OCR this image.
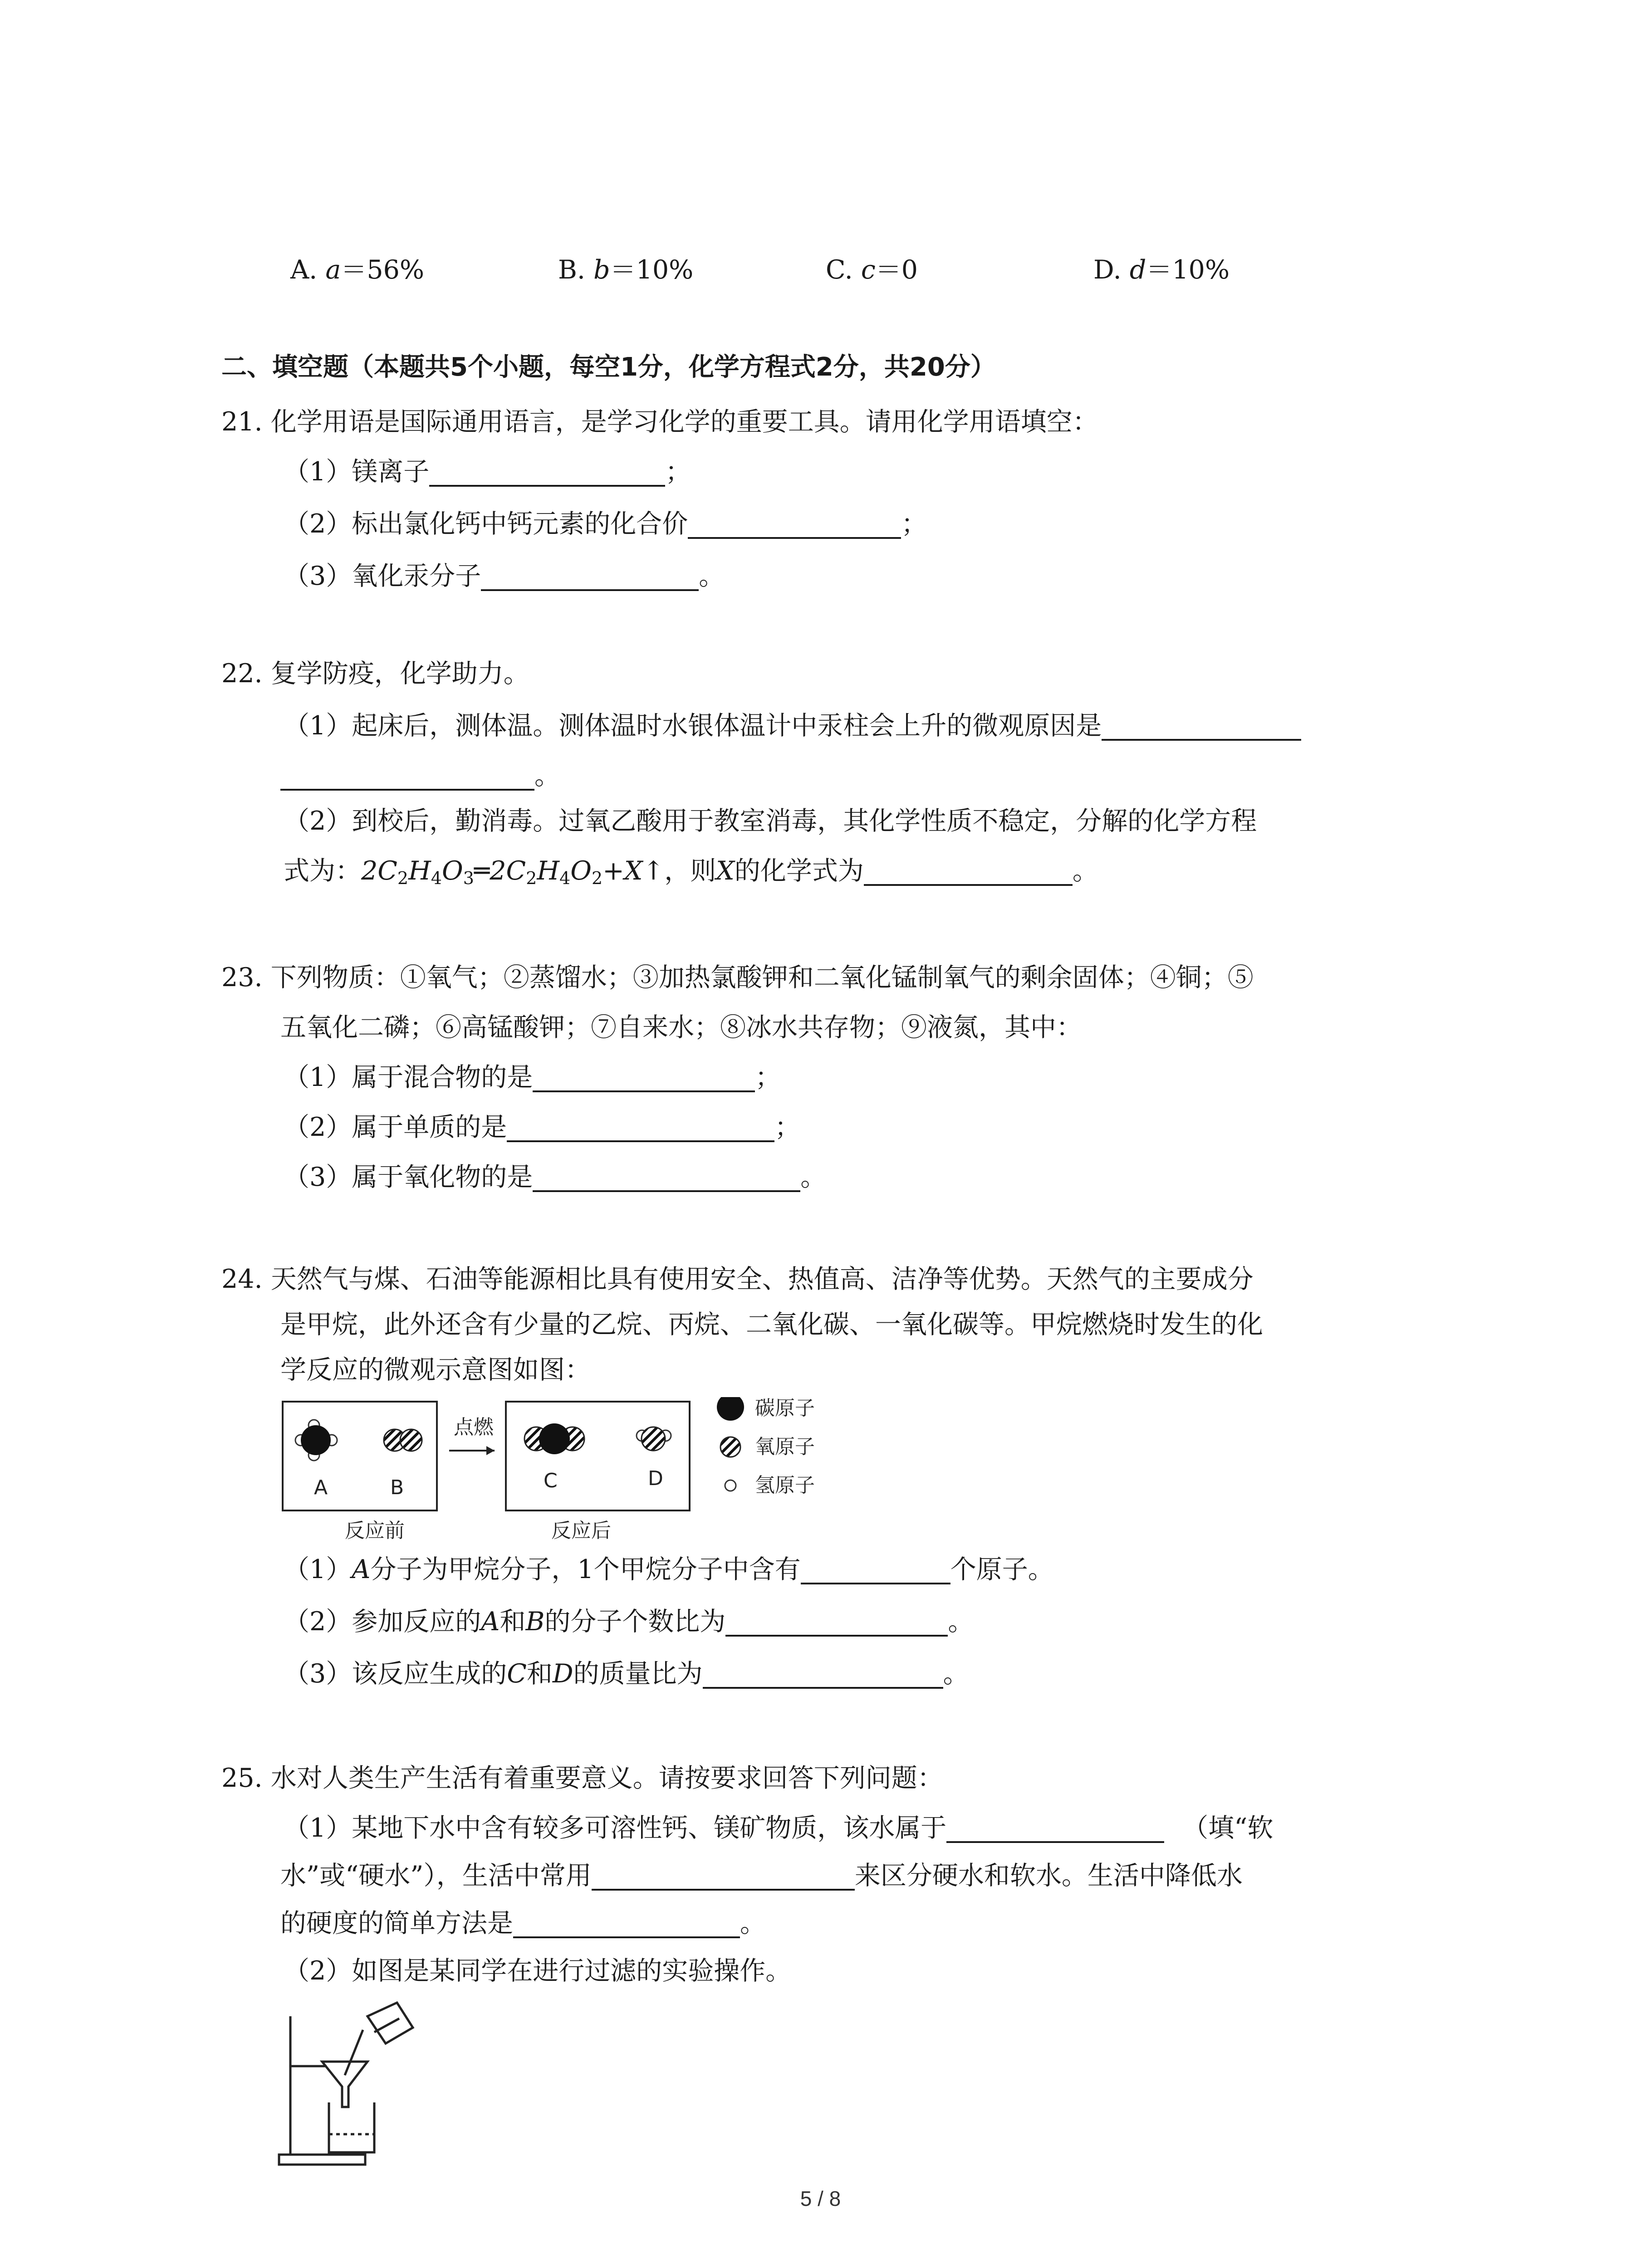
A. a＝56%	B. b＝10%	C. c＝0	D. d＝10%
二、填空题（本题共5个小题，每空1分，化学方程式2分，共20分）
21. 化学用语是国际通用语言，是学习化学的重要工具。请用化学用语填空：
（1）镁离子	；
（2）标出氯化钙中钙元素的化合价	；
（3）氧化汞分子	。
22. 复学防疫，化学助力。
（1）起床后，测体温。测体温时水银体温计中汞柱会上升的微观原因是
。
（2）到校后，勤消毒。过氧乙酸用于教室消毒，其化学性质不稳定，分解的化学方程
式为：$2C_2H_4O_3═2C_2H_4O_2+X↑$，则X的化学式为	。
23. 下列物质：①氧气；②蒸馏水；③加热氯酸钾和二氧化锰制氧气的剩余固体；④铜；⑤
五氧化二磷；⑥高锰酸钾；⑦自来水；⑧冰水共存物；⑨液氮，其中：
（1）属于混合物的是	；
（2）属于单质的是	；
（3）属于氧化物的是	。
24. 天然气与煤、石油等能源相比具有使用安全、热值高、洁净等优势。天然气的主要成分
是甲烷，此外还含有少量的乙烷、丙烷、二氧化碳、一氧化碳等。甲烷燃烧时发生的化
学反应的微观示意图如图：
A	B
点燃
C	D
碳原子
氧原子
氢原子
反应前	反应后
（1）A分子为甲烷分子，1个甲烷分子中含有	个原子。
（2）参加反应的A和B的分子个数比为	。
（3）该反应生成的C和D的质量比为	。
25. 水对人类生产生活有着重要意义。请按要求回答下列问题：
（1）某地下水中含有较多可溶性钙、镁矿物质，该水属于	（填“软
水”或“硬水”），生活中常用	来区分硬水和软水。生活中降低水
的硬度的简单方法是	。
（2）如图是某同学在进行过滤的实验操作。
5 / 8
